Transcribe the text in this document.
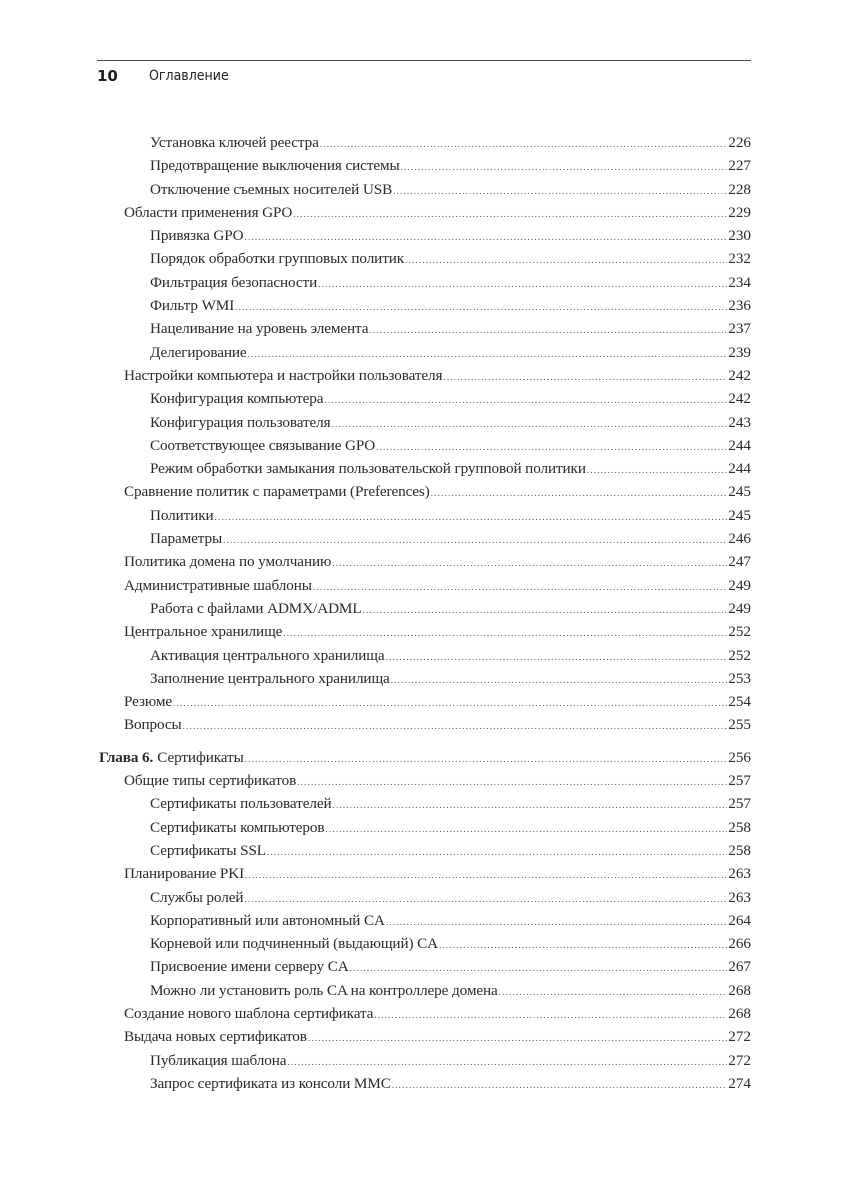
10 Оглавление
Установка ключей реестра .....	226
Предотвращение выключения системы .....	227
Отключение съемных носителей USB .....	228
Области применения GPO .....	229
Привязка GPO .....	230
Порядок обработки групповых политик .....	232
Фильтрация безопасности .....	234
Фильтр WMI .....	236
Нацеливание на уровень элемента .....	237
Делегирование .....	239
Настройки компьютера и настройки пользователя .....	242
Конфигурация компьютера .....	242
Конфигурация пользователя .....	243
Соответствующее связывание GPO .....	244
Режим обработки замыкания пользовательской групповой политики .....	244
Сравнение политик с параметрами (Preferences) .....	245
Политики .....	245
Параметры .....	246
Политика домена по умолчанию .....	247
Административные шаблоны .....	249
Работа с файлами ADMX/ADML .....	249
Центральное хранилище .....	252
Активация центрального хранилища .....	252
Заполнение центрального хранилища .....	253
Резюме .....	254
Вопросы .....	255
Глава 6. Сертификаты .....	256
Общие типы сертификатов .....	257
Сертификаты пользователей .....	257
Сертификаты компьютеров .....	258
Сертификаты SSL .....	258
Планирование PKI .....	263
Службы ролей .....	263
Корпоративный или автономный CA .....	264
Корневой или подчиненный (выдающий) CA .....	266
Присвоение имени серверу CA .....	267
Можно ли установить роль CA на контроллере домена .....	268
Создание нового шаблона сертификата .....	268
Выдача новых сертификатов .....	272
Публикация шаблона .....	272
Запрос сертификата из консоли MMC .....	274
